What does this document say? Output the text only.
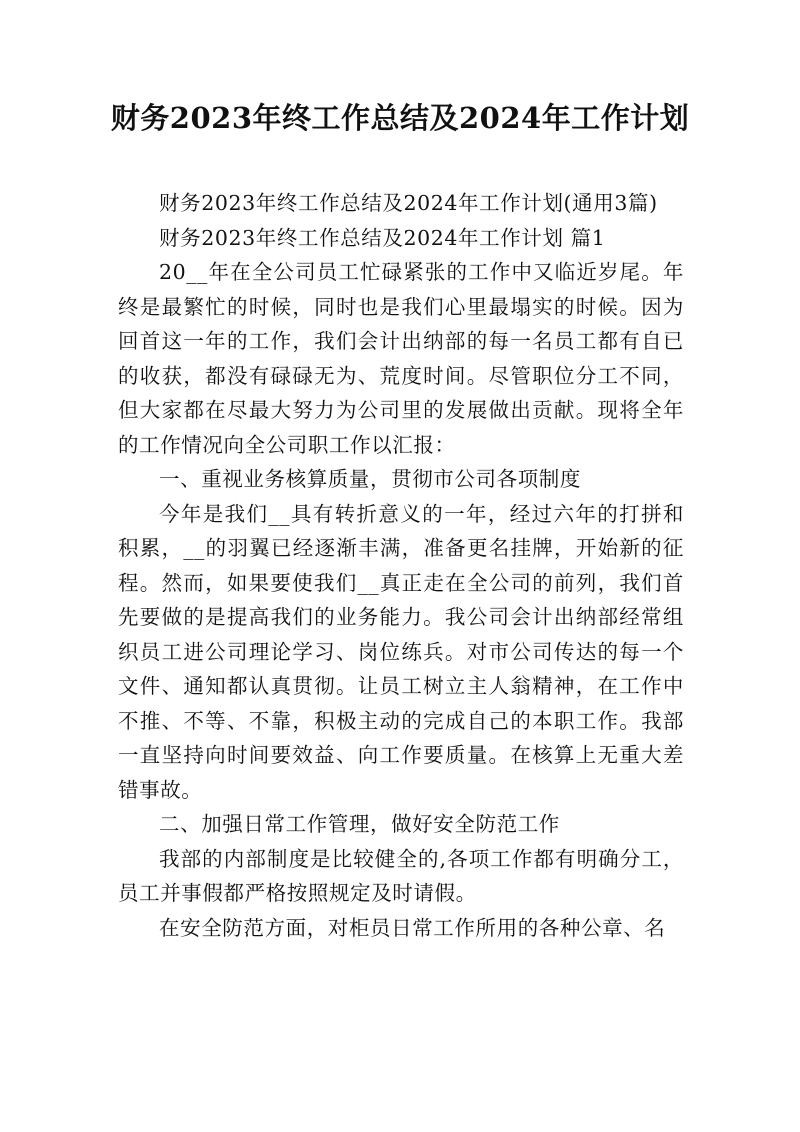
财务2023年终工作总结及2024年工作计划

财务2023年终工作总结及2024年工作计划(通用3篇)

财务2023年终工作总结及2024年工作计划 篇1

20__年在全公司员工忙碌紧张的工作中又临近岁尾。年终是最繁忙的时候，同时也是我们心里最塌实的时候。因为回首这一年的工作，我们会计出纳部的每一名员工都有自已的收获，都没有碌碌无为、荒度时间。尽管职位分工不同，但大家都在尽最大努力为公司里的发展做出贡献。现将全年的工作情况向全公司职工作以汇报：

一、重视业务核算质量，贯彻市公司各项制度

今年是我们__具有转折意义的一年，经过六年的打拼和积累，__的羽翼已经逐渐丰满，准备更名挂牌，开始新的征程。然而，如果要使我们__真正走在全公司的前列，我们首先要做的是提高我们的业务能力。我公司会计出纳部经常组织员工进公司理论学习、岗位练兵。对市公司传达的每一个文件、通知都认真贯彻。让员工树立主人翁精神，在工作中不推、不等、不靠，积极主动的完成自己的本职工作。我部一直坚持向时间要效益、向工作要质量。在核算上无重大差错事故。

二、加强日常工作管理，做好安全防范工作

我部的内部制度是比较健全的,各项工作都有明确分工，员工并事假都严格按照规定及时请假。

在安全防范方面，对柜员日常工作所用的各种公章、名
